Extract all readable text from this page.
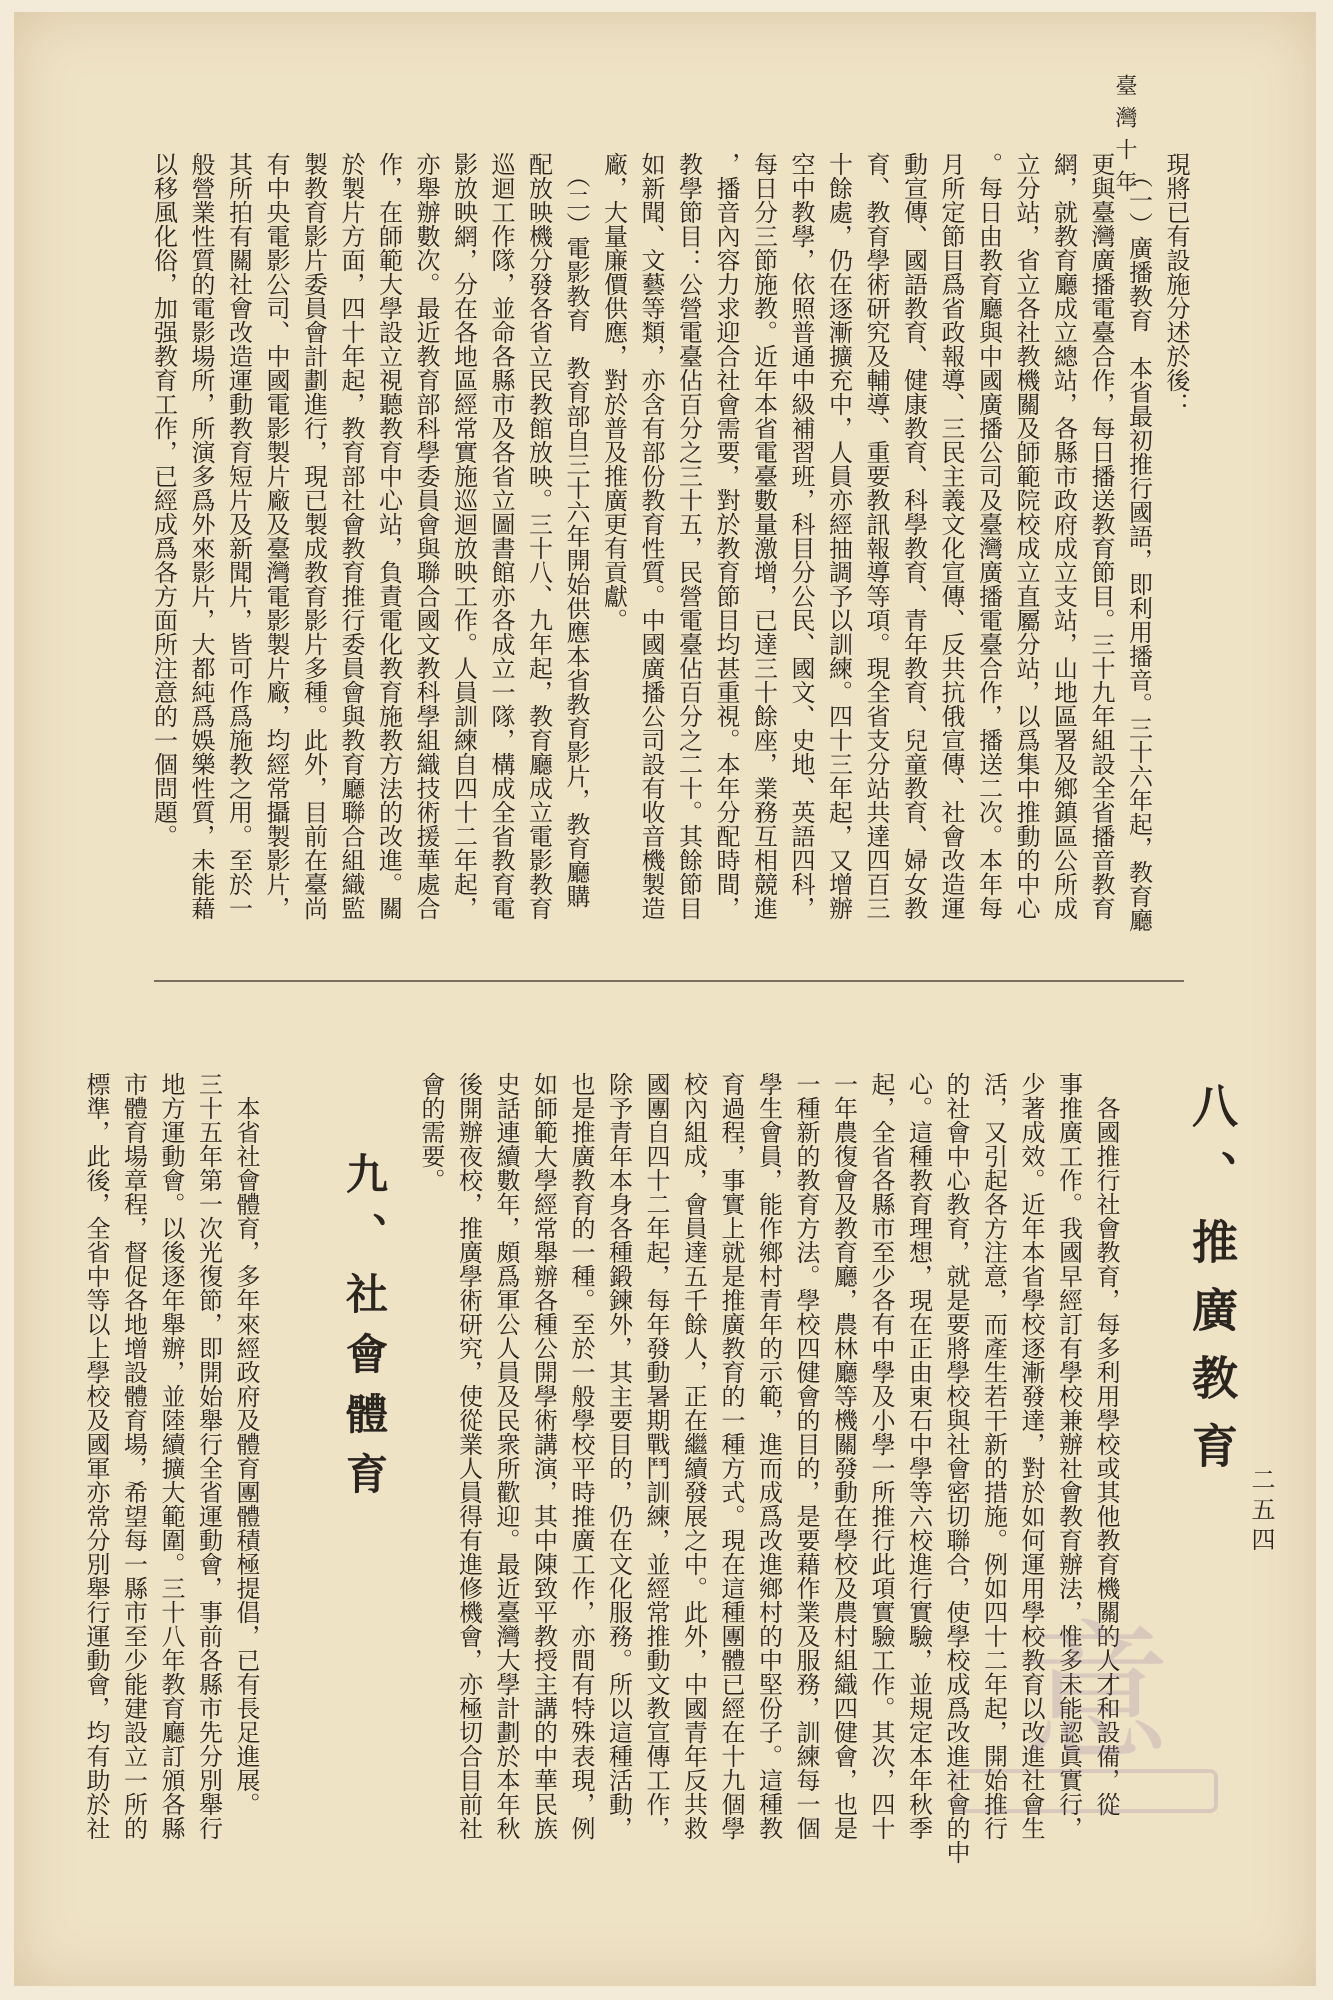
臺灣十年
現將已有設施分述於後：
　（一）廣播教育　本省最初推行國語，即利用播音。三十六年起，教育廳
更與臺灣廣播電臺合作，每日播送教育節目。三十九年組設全省播音教育
網，就教育廳成立總站，各縣市政府成立支站，山地區署及鄉鎮區公所成
立分站，省立各社教機關及師範院校成立直屬分站，以爲集中推動的中心
。每日由教育廳與中國廣播公司及臺灣廣播電臺合作，播送二次。本年每
月所定節目爲省政報導、三民主義文化宣傳、反共抗俄宣傳、社會改造運
動宣傳、國語教育、健康教育、科學教育、青年教育、兒童教育、婦女教
育、教育學術研究及輔導、重要教訊報導等項。現全省支分站共達四百三
十餘處，仍在逐漸擴充中，人員亦經抽調予以訓練。四十三年起，又增辦
空中教學，依照普通中級補習班，科目分公民、國文、史地、英語四科，
每日分三節施教。近年本省電臺數量激增，已達三十餘座，業務互相競進
，播音內容力求迎合社會需要，對於教育節目均甚重視。本年分配時間，
教學節目：公營電臺佔百分之三十五，民營電臺佔百分之二十。其餘節目
如新聞、文藝等類，亦含有部份教育性質。中國廣播公司設有收音機製造
廠，大量廉價供應，對於普及推廣更有貢獻。
　（二）電影教育　教育部自三十六年開始供應本省教育影片，教育廳購
配放映機分發各省立民教館放映。三十八、九年起，教育廳成立電影教育
巡迴工作隊，並命各縣市及各省立圖書館亦各成立一隊，構成全省教育電
影放映網，分在各地區經常實施巡迴放映工作。人員訓練自四十二年起，
亦舉辦數次。最近教育部科學委員會與聯合國文教科學組織技術援華處合
作，在師範大學設立視聽教育中心站，負責電化教育施教方法的改進。關
於製片方面，四十年起，教育部社會教育推行委員會與教育廳聯合組織監
製教育影片委員會計劃進行，現已製成教育影片多種。此外，目前在臺尚
有中央電影公司、中國電影製片廠及臺灣電影製片廠，均經常攝製影片，
其所拍有關社會改造運動教育短片及新聞片，皆可作爲施教之用。至於一
般營業性質的電影場所，所演多爲外來影片，大都純爲娛樂性質，未能藉
以移風化俗，加强教育工作，已經成爲各方面所注意的一個問題。
八、推廣教育
　各國推行社會教育，每多利用學校或其他教育機關的人才和設備，從
事推廣工作。我國早經訂有學校兼辦社會教育辦法，惟多未能認眞實行，
少著成效。近年本省學校逐漸發達，對於如何運用學校教育以改進社會生
活，又引起各方注意，而產生若干新的措施。例如四十二年起，開始推行
的社會中心教育，就是要將學校與社會密切聯合，使學校成爲改進社會的中
心。這種教育理想，現在正由東石中學等六校進行實驗，並規定本年秋季
起，全省各縣市至少各有中學及小學一所推行此項實驗工作。其次，四十
一年農復會及教育廳，農林廳等機關發動在學校及農村組織四健會，也是
一種新的教育方法。學校四健會的目的，是要藉作業及服務，訓練每一個
學生會員，能作鄉村青年的示範，進而成爲改進鄉村的中堅份子。這種教
育過程，事實上就是推廣教育的一種方式。現在這種團體已經在十九個學
校內組成，會員達五千餘人，正在繼續發展之中。此外，中國青年反共救
國團自四十二年起，每年發動暑期戰鬥訓練，並經常推動文教宣傳工作，
除予青年本身各種鍛鍊外，其主要目的，仍在文化服務。所以這種活動，
也是推廣教育的一種。至於一般學校平時推廣工作，亦間有特殊表現，例
如師範大學經常舉辦各種公開學術講演，其中陳致平教授主講的中華民族
史話連續數年，頗爲軍公人員及民衆所歡迎。最近臺灣大學計劃於本年秋
後開辦夜校，推廣學術研究，使從業人員得有進修機會，亦極切合目前社
會的需要。
九、社會體育
　本省社會體育，多年來經政府及體育團體積極提倡，已有長足進展。
三十五年第一次光復節，即開始舉行全省運動會，事前各縣市先分別舉行
地方運動會。以後逐年舉辦，並陸續擴大範圍。三十八年教育廳訂頒各縣
市體育場章程，督促各地增設體育場，希望每一縣市至少能建設立一所的
標準，此後，全省中等以上學校及國軍亦常分別舉行運動會，均有助於社	二五四
意
